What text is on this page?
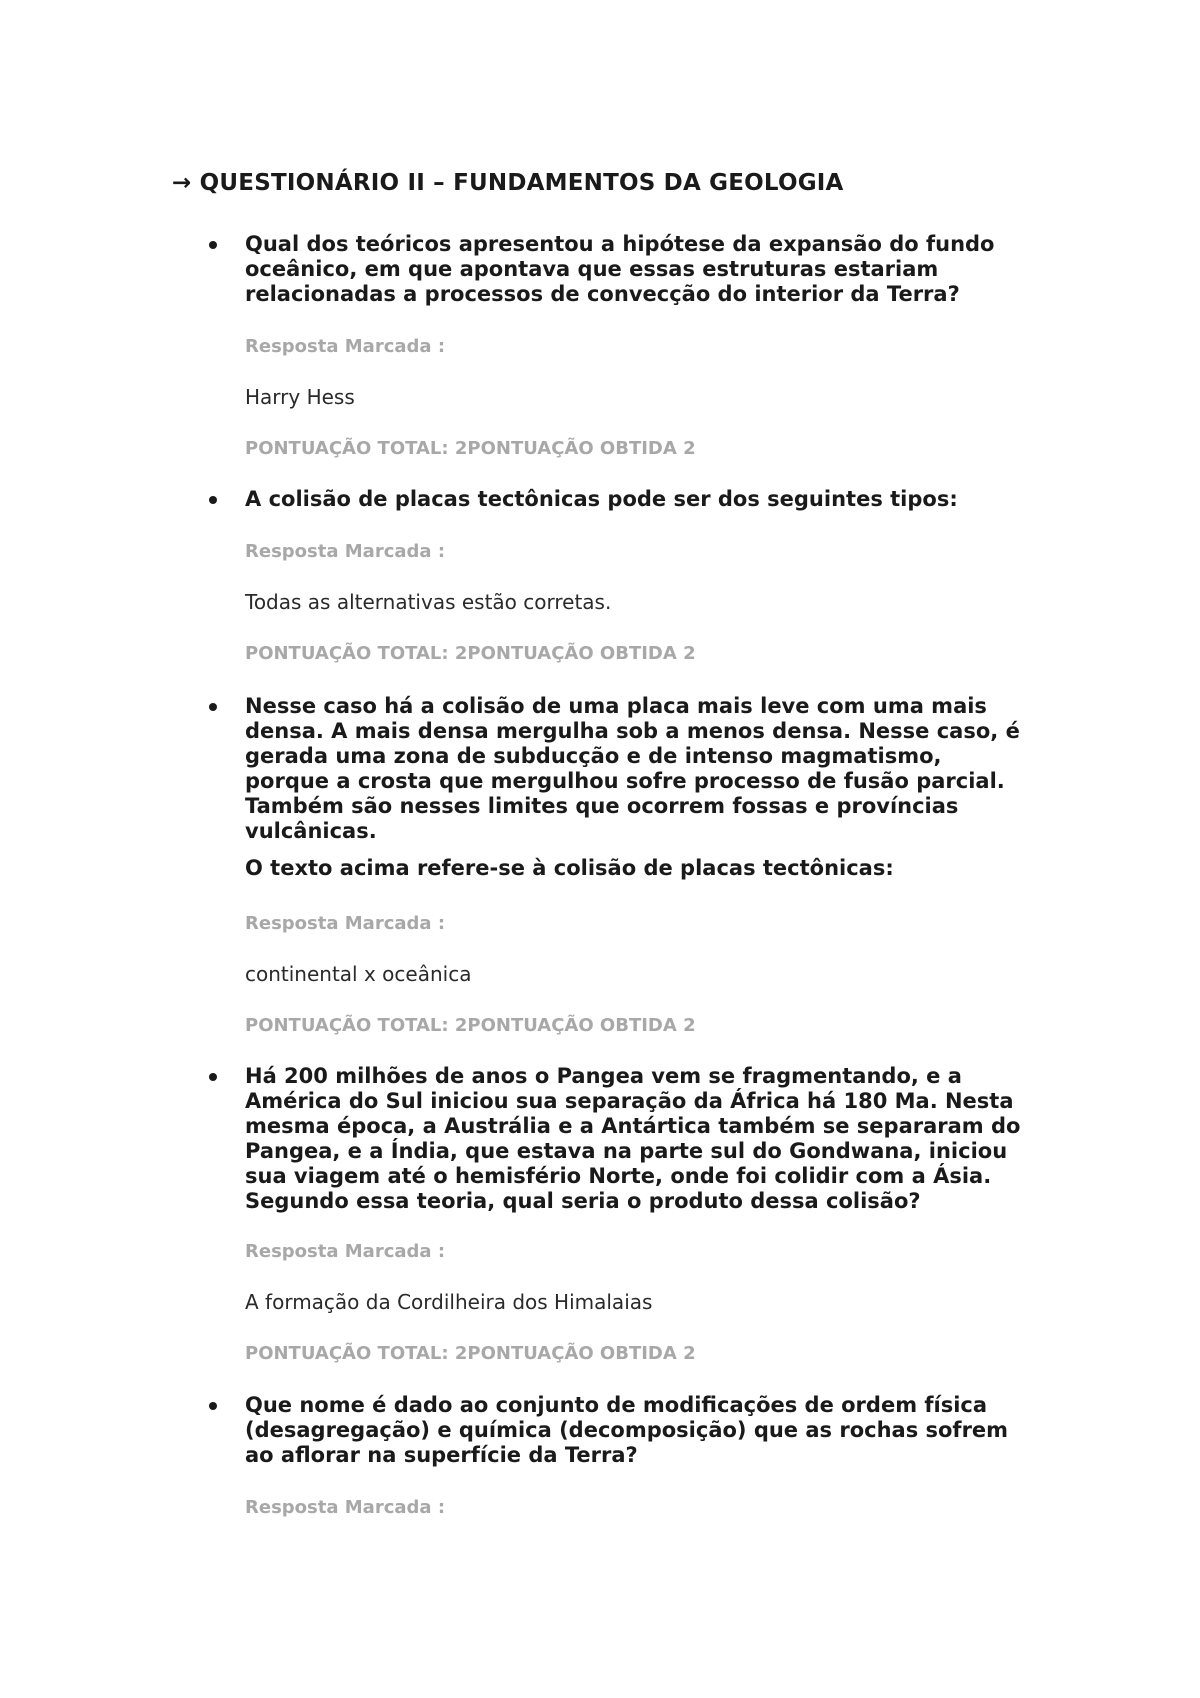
→ QUESTIONÁRIO II – FUNDAMENTOS DA GEOLOGIA

Qual dos teóricos apresentou a hipótese da expansão do fundo
oceânico, em que apontava que essas estruturas estariam
relacionadas a processos de convecção do interior da Terra?

Resposta Marcada :
Harry Hess
PONTUAÇÃO TOTAL: 2PONTUAÇÃO OBTIDA 2

A colisão de placas tectônicas pode ser dos seguintes tipos:

Resposta Marcada :
Todas as alternativas estão corretas.
PONTUAÇÃO TOTAL: 2PONTUAÇÃO OBTIDA 2

Nesse caso há a colisão de uma placa mais leve com uma mais
densa. A mais densa mergulha sob a menos densa. Nesse caso, é
gerada uma zona de subducção e de intenso magmatismo,
porque a crosta que mergulhou sofre processo de fusão parcial.
Também são nesses limites que ocorrem fossas e províncias
vulcânicas.

O texto acima refere-se à colisão de placas tectônicas:

Resposta Marcada :
continental x oceânica
PONTUAÇÃO TOTAL: 2PONTUAÇÃO OBTIDA 2

Há 200 milhões de anos o Pangea vem se fragmentando, e a
América do Sul iniciou sua separação da África há 180 Ma. Nesta
mesma época, a Austrália e a Antártica também se separaram do
Pangea, e a Índia, que estava na parte sul do Gondwana, iniciou
sua viagem até o hemisfério Norte, onde foi colidir com a Ásia.
Segundo essa teoria, qual seria o produto dessa colisão?

Resposta Marcada :
A formação da Cordilheira dos Himalaias
PONTUAÇÃO TOTAL: 2PONTUAÇÃO OBTIDA 2

Que nome é dado ao conjunto de modificações de ordem física
(desagregação) e química (decomposição) que as rochas sofrem
ao aflorar na superfície da Terra?

Resposta Marcada :
